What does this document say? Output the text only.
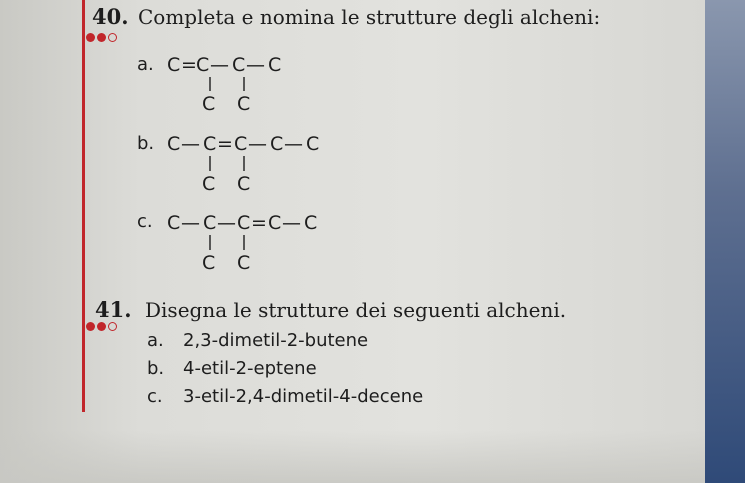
40. Completa e nomina le strutture degli alcheni:
a.
b.
c.
C = C — C — C
C C
C — C = C — C — C
C C
C — C — C = C — C
C C
41. Disegna le strutture dei seguenti alcheni.
a. 2,3-dimetil-2-butene
b. 4-etil-2-eptene
c. 3-etil-2,4-dimetil-4-decene
